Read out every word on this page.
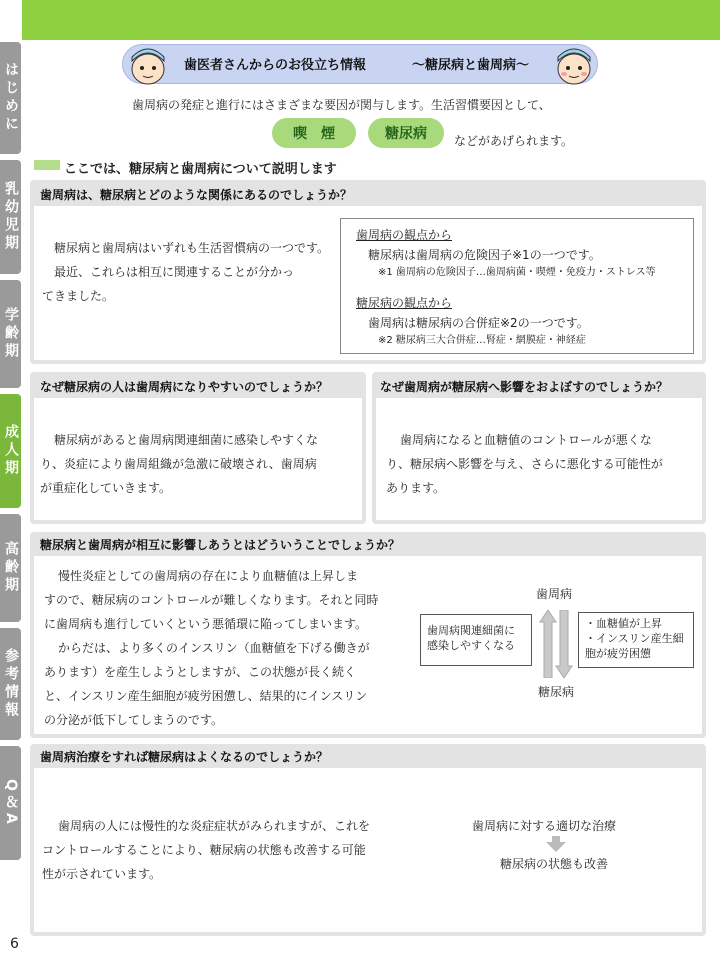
はじめに
乳幼児期
学齢期
成人期
高齢期
参考情報
Q＆A
6
歯医者さんからのお役立ち情報	～糖尿病と歯周病～
歯周病の発症と進行にはさまざまな要因が関与します。生活習慣要因として、
喫　煙	糖尿病	などがあげられます。
ここでは、糖尿病と歯周病について説明します
歯周病は、糖尿病とどのような関係にあるのでしょうか？
糖尿病と歯周病はいずれも生活習慣病の一つです。
最近、これらは相互に関連することが分かっ
てきました。
歯周病の観点から
糖尿病は歯周病の危険因子※1の一つです。
※1 歯周病の危険因子…歯周病菌・喫煙・免疫力・ストレス等
糖尿病の観点から
歯周病は糖尿病の合併症※2の一つです。
※2 糖尿病三大合併症…腎症・網膜症・神経症
なぜ糖尿病の人は歯周病になりやすいのでしょうか？
糖尿病があると歯周病関連細菌に感染しやすくな
り、炎症により歯周組織が急激に破壊され、歯周病
が重症化していきます。
なぜ歯周病が糖尿病へ影響をおよぼすのでしょうか？
歯周病になると血糖値のコントロールが悪くな
り、糖尿病へ影響を与え、さらに悪化する可能性が
あります。
糖尿病と歯周病が相互に影響しあうとはどういうことでしょうか？
慢性炎症としての歯周病の存在により血糖値は上昇しま
すので、糖尿病のコントロールが難しくなります。それと同時
に歯周病も進行していくという悪循環に陥ってしまいます。
からだは、より多くのインスリン（血糖値を下げる働きが
あります）を産生しようとしますが、この状態が長く続く
と、インスリン産生細胞が疲労困憊し、結果的にインスリン
の分泌が低下してしまうのです。
歯周病
糖尿病
歯周病関連細菌に感染しやすくなる
・血糖値が上昇
・インスリン産生細胞が疲労困憊
歯周病治療をすれば糖尿病はよくなるのでしょうか？
歯周病の人には慢性的な炎症症状がみられますが、これを
コントロールすることにより、糖尿病の状態も改善する可能
性が示されています。
歯周病に対する適切な治療
糖尿病の状態も改善
